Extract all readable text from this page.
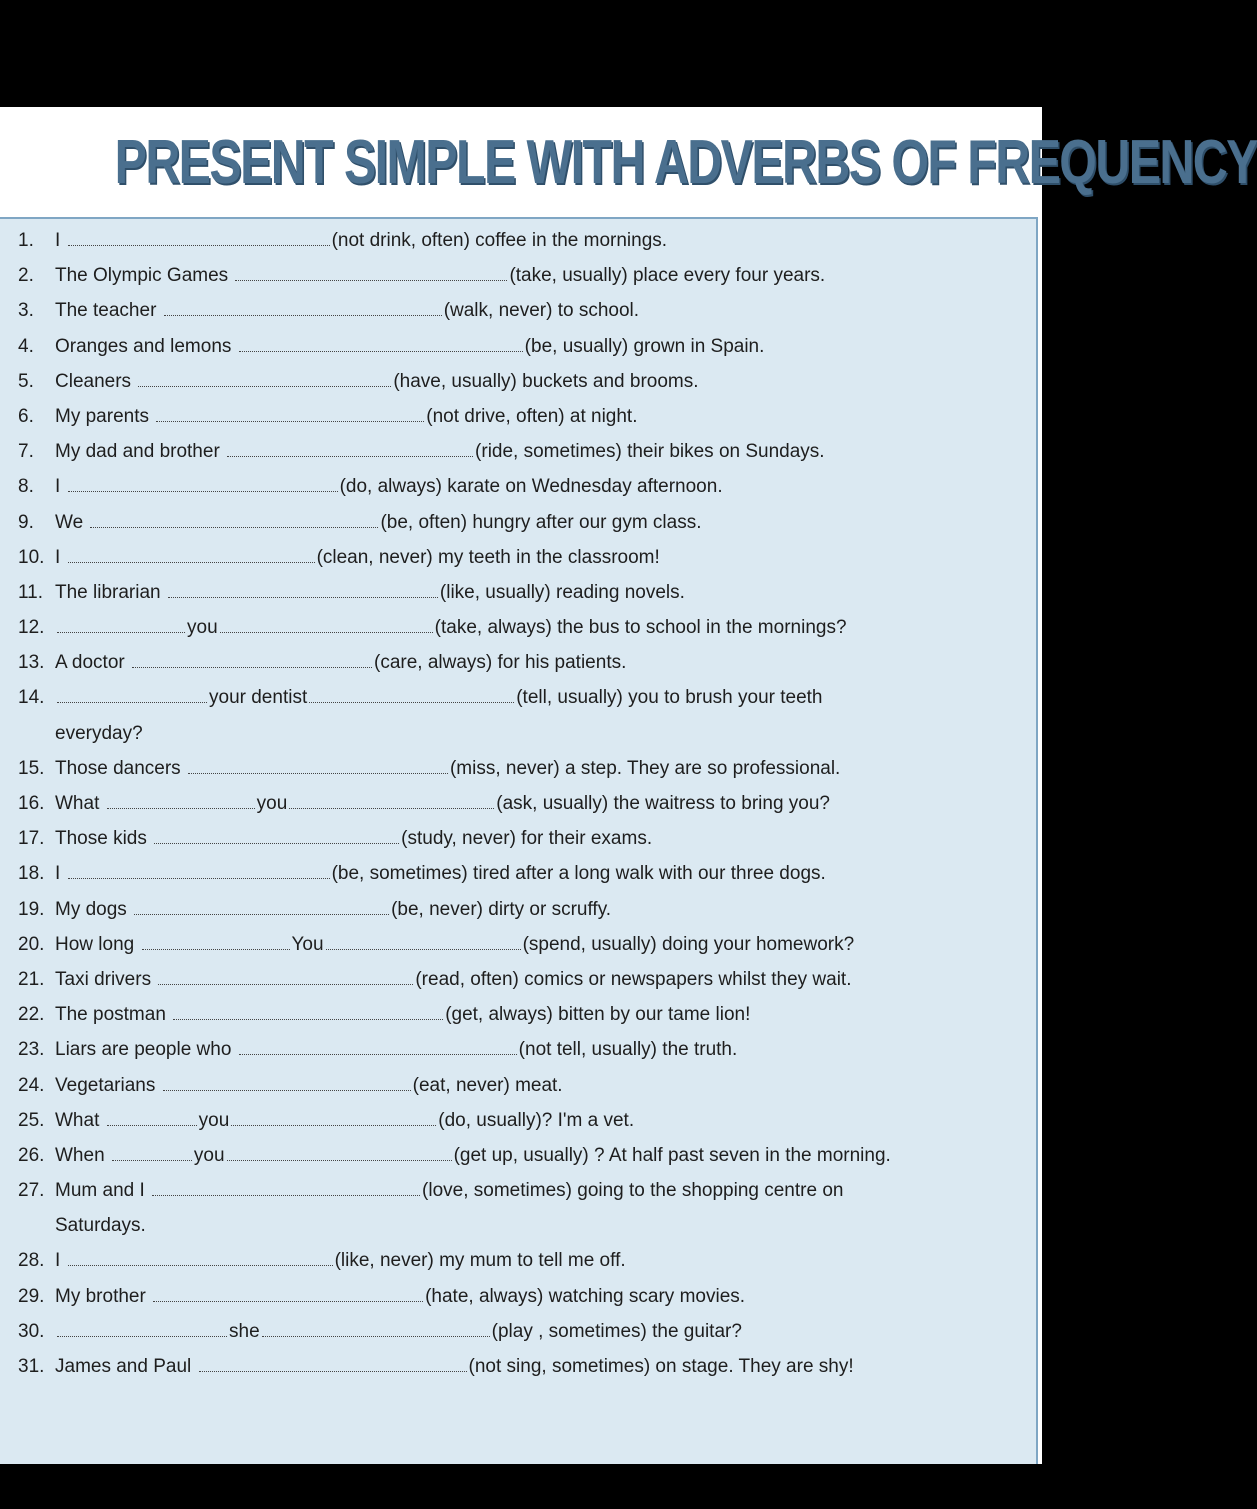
PRESENT SIMPLE WITH ADVERBS OF FREQUENCY
1. I	(not drink, often) coffee in the mornings.
2. The Olympic Games	(take, usually) place every four years.
3. The teacher	(walk, never) to school.
4. Oranges and lemons	(be, usually) grown in Spain.
5. Cleaners	(have, usually) buckets and brooms.
6. My parents	(not drive, often) at night.
7. My dad and brother	(ride, sometimes) their bikes on Sundays.
8. I	(do, always) karate on Wednesday afternoon.
9. We	(be, often) hungry after our gym class.
10. I	(clean, never) my teeth in the classroom!
11. The librarian	(like, usually) reading novels.
12.	you	(take, always) the bus to school in the mornings?
13. A doctor	(care, always) for his patients.
14.	your dentist	(tell, usually) you to brush your teeth
everyday?
15. Those dancers	(miss, never) a step. They are so professional.
16. What	you	(ask, usually) the waitress to bring you?
17. Those kids	(study, never) for their exams.
18. I	(be, sometimes) tired after a long walk with our three dogs.
19. My dogs	(be, never) dirty or scruffy.
20. How long	You	(spend, usually) doing your homework?
21. Taxi drivers	(read, often) comics or newspapers whilst they wait.
22. The postman	(get, always) bitten by our tame lion!
23. Liars are people who	(not tell, usually) the truth.
24. Vegetarians	(eat, never) meat.
25. What	you	(do, usually)? I'm a vet.
26. When	you	(get up, usually) ? At half past seven in the morning.
27. Mum and I	(love, sometimes) going to the shopping centre on
Saturdays.
28. I	(like, never) my mum to tell me off.
29. My brother	(hate, always) watching scary movies.
30.	she	(play , sometimes) the guitar?
31. James and Paul	(not sing, sometimes) on stage. They are shy!
